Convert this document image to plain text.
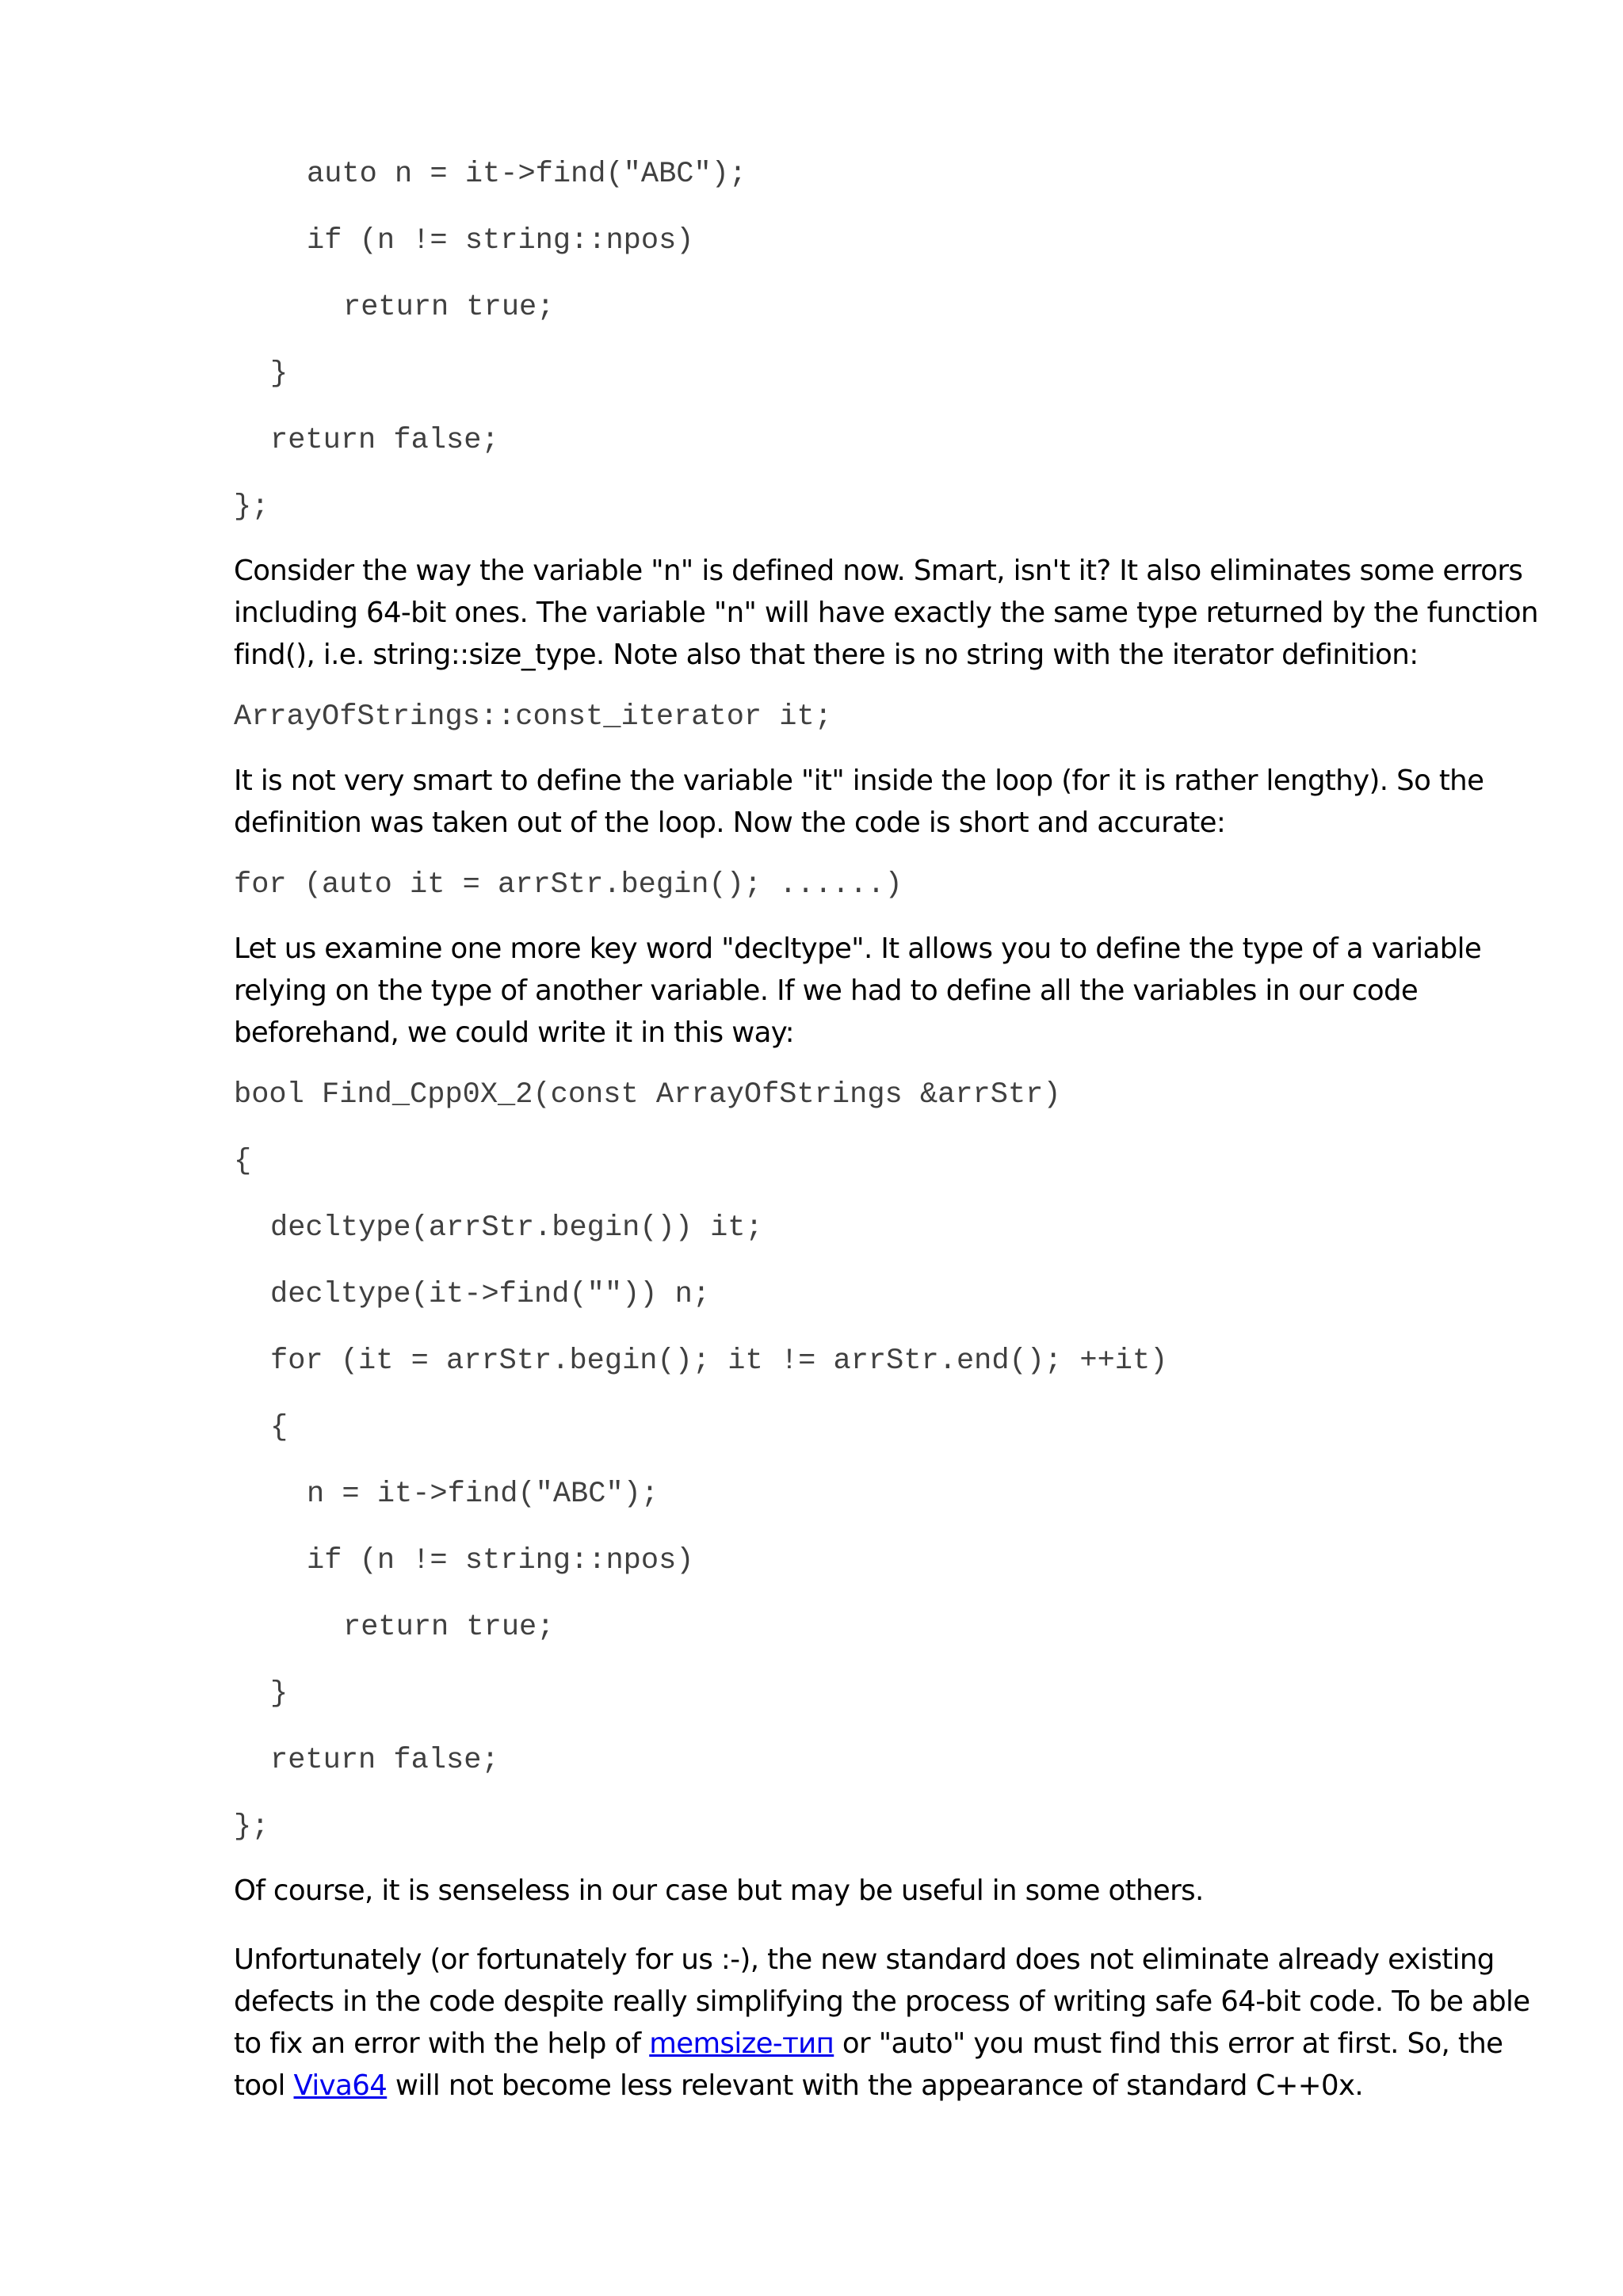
auto n = it->find("ABC");
if (n != string::npos)
return true;
}
return false;
};

Consider the way the variable "n" is defined now. Smart, isn't it? It also eliminates some errors including 64-bit ones. The variable "n" will have exactly the same type returned by the function find(), i.e. string::size_type. Note also that there is no string with the iterator definition:

ArrayOfStrings::const_iterator it;

It is not very smart to define the variable "it" inside the loop (for it is rather lengthy). So the definition was taken out of the loop. Now the code is short and accurate:

for (auto it = arrStr.begin(); ......)

Let us examine one more key word "decltype". It allows you to define the type of a variable relying on the type of another variable. If we had to define all the variables in our code beforehand, we could write it in this way:

bool Find_Cpp0X_2(const ArrayOfStrings &arrStr)
{
decltype(arrStr.begin()) it;
decltype(it->find("")) n;
for (it = arrStr.begin(); it != arrStr.end(); ++it)
{
n = it->find("ABC");
if (n != string::npos)
return true;
}
return false;
};

Of course, it is senseless in our case but may be useful in some others.

Unfortunately (or fortunately for us :-), the new standard does not eliminate already existing defects in the code despite really simplifying the process of writing safe 64-bit code. To be able to fix an error with the help of memsize-тип or "auto" you must find this error at first. So, the tool Viva64 will not become less relevant with the appearance of standard C++0x.
